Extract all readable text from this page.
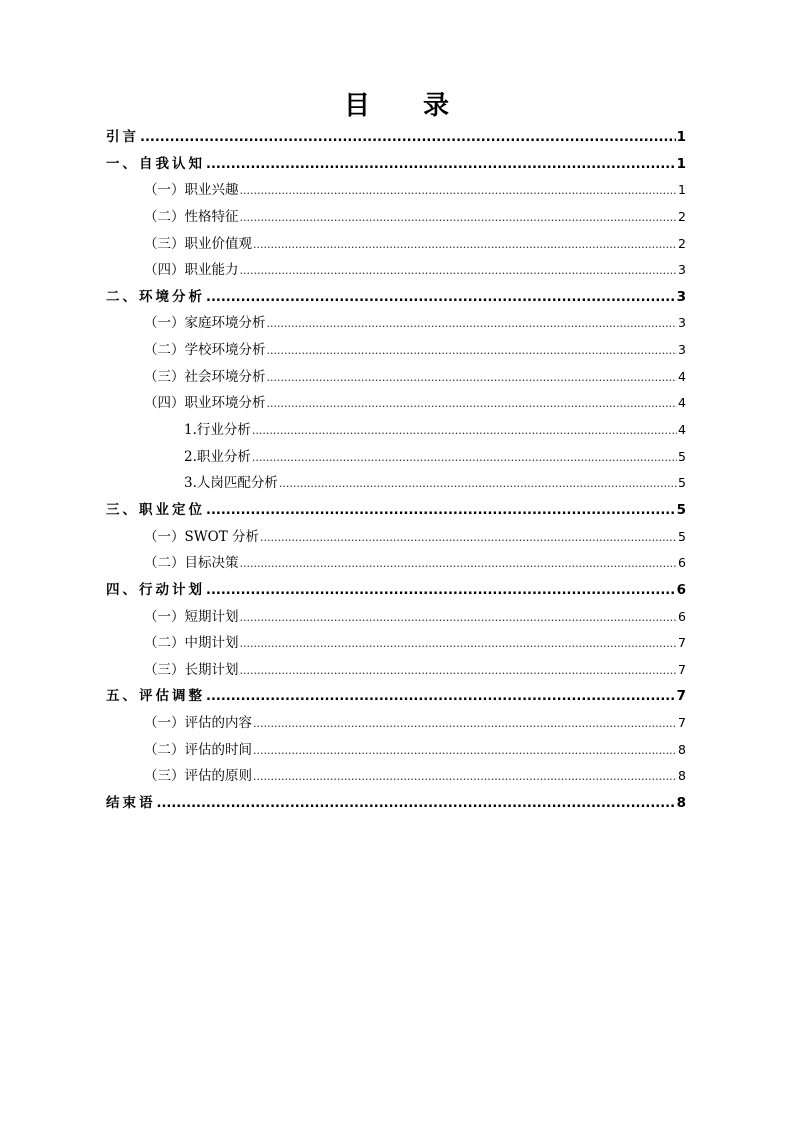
目 录
引言 .....	1
一、自我认知 .....	1
（一）职业兴趣 .....	1
（二）性格特征 .....	2
（三）职业价值观 .....	2
（四）职业能力 .....	3
二、环境分析 .....	3
（一）家庭环境分析 .....	3
（二）学校环境分析 .....	3
（三）社会环境分析 .....	4
（四）职业环境分析 .....	4
1.行业分析 .....	4
2.职业分析 .....	5
3.人岗匹配分析 .....	5
三、职业定位 .....	5
（一）SWOT 分析 .....	5
（二）目标决策 .....	6
四、行动计划 .....	6
（一）短期计划 .....	6
（二）中期计划 .....	7
（三）长期计划 .....	7
五、评估调整 .....	7
（一）评估的内容 .....	7
（二）评估的时间 .....	8
（三）评估的原则 .....	8
结束语 .....	8
